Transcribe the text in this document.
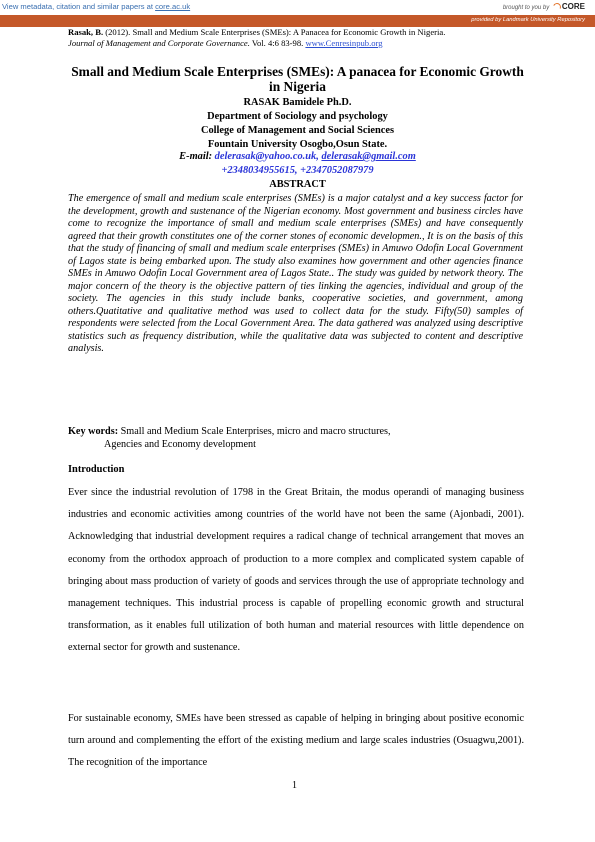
View metadata, citation and similar papers at core.ac.uk	brought to you by CORE
provided by Landmark University Repository
Rasak, B. (2012). Small and Medium Scale Enterprises (SMEs): A Panacea for Economic Growth in Nigeria.
Journal of Management and Corporate Governance. Vol. 4:6 83-98. www.Cenresinpub.org
Small and Medium Scale Enterprises (SMEs): A panacea for Economic Growth in Nigeria
RASAK Bamidele Ph.D.
Department of Sociology and psychology
College of Management and Social Sciences
Fountain University Osogbo,Osun State.
E-mail: delerasak@yahoo.co.uk, delerasak@gmail.com
+2348034955615, +2347052087979
ABSTRACT
The emergence of small and medium scale enterprises (SMEs) is a major catalyst and a key success factor for the development, growth and sustenance of the Nigerian economy. Most government and business circles have come to recognize the importance of small and medium scale enterprises (SMEs) and have consequently agreed that their growth constitutes one of the corner stones of economic developmen., It is on the basis of this that the study of financing of small and medium scale enterprises (SMEs) in Amuwo Odofin Local Government of Lagos state is being embarked upon. The study also examines how government and other agencies finance SMEs in Amuwo Odofin Local Government area of Lagos State.. The study was guided by network theory. The major concern of the theory is the objective pattern of ties linking the agencies, individual and group of the society. The agencies in this study include banks, cooperative societies, and government, among others.Quatitative and qualitative method was used to collect data for the study. Fifty(50) samples of respondents were selected from the Local Government Area. The data gathered was analyzed using descriptive statistics such as frequency distribution, while the qualitative data was subjected to content and descriptive analysis.
Key words: Small and Medium Scale Enterprises, micro and macro structures,
Agencies and Economy development
Introduction
Ever since the industrial revolution of 1798 in the Great Britain, the modus operandi of managing business industries and economic activities among countries of the world have not been the same (Ajonbadi, 2001). Acknowledging that industrial development requires a radical change of technical arrangement that moves an economy from the orthodox approach of production to a more complex and complicated system capable of bringing about mass production of variety of goods and services through the use of appropriate technology and management techniques. This industrial process is capable of propelling economic growth and structural transformation, as it enables full utilization of both human and material resources with little dependence on external sector for growth and sustenance.
For sustainable economy, SMEs have been stressed as capable of helping in bringing about positive economic turn around and complementing the effort of the existing medium and large scales industries (Osuagwu,2001). The recognition of the importance
1
